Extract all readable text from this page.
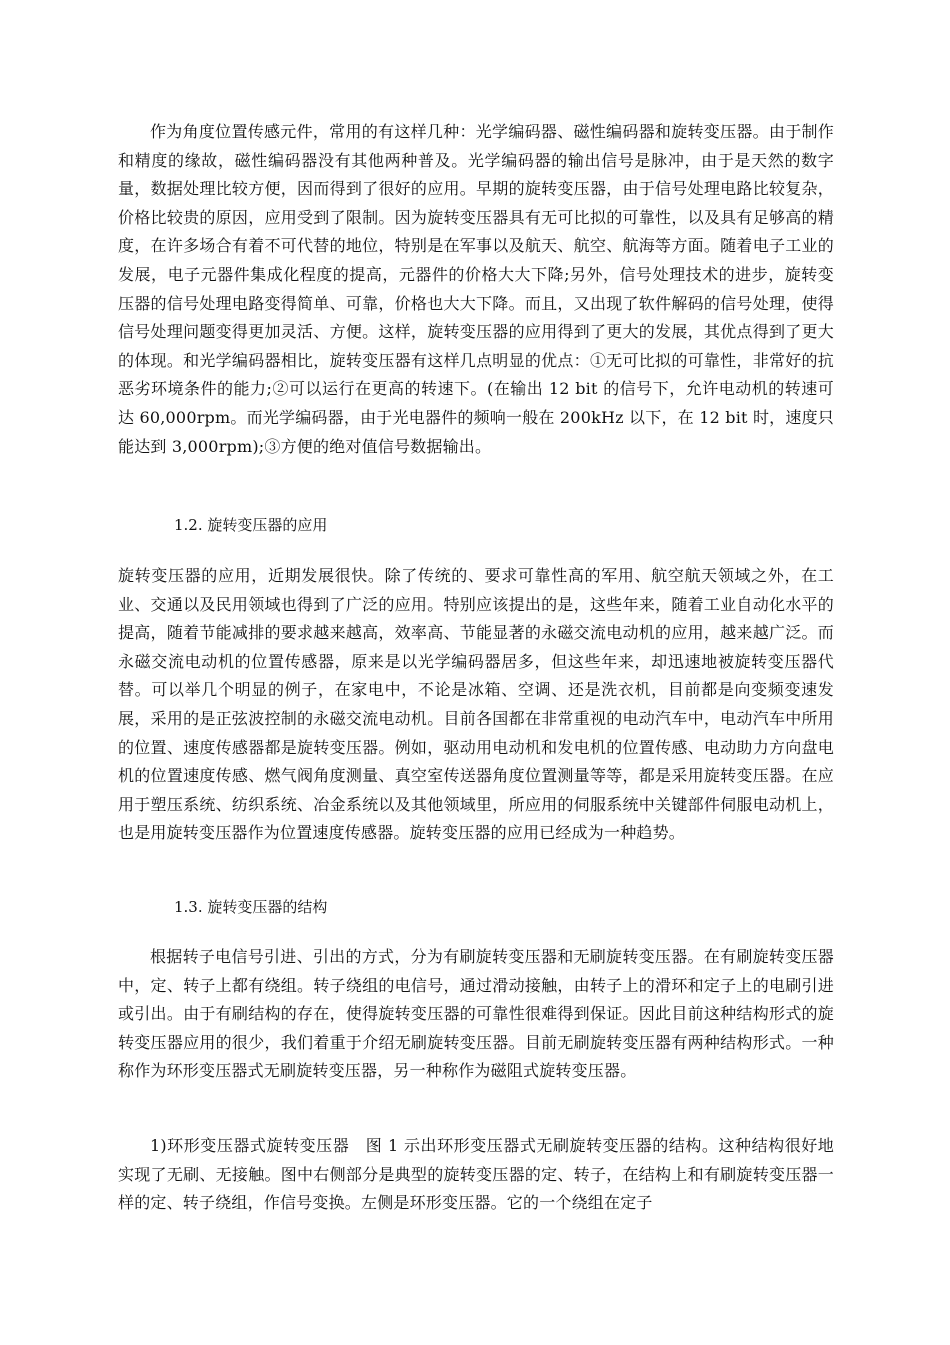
作为角度位置传感元件，常用的有这样几种：光学编码器、磁性编码器和旋转变压器。由于制作和精度的缘故，磁性编码器没有其他两种普及。光学编码器的输出信号是脉冲，由于是天然的数字量，数据处理比较方便，因而得到了很好的应用。早期的旋转变压器，由于信号处理电路比较复杂，价格比较贵的原因，应用受到了限制。因为旋转变压器具有无可比拟的可靠性，以及具有足够高的精度，在许多场合有着不可代替的地位，特别是在军事以及航天、航空、航海等方面。随着电子工业的发展，电子元器件集成化程度的提高，元器件的价格大大下降;另外，信号处理技术的进步，旋转变压器的信号处理电路变得简单、可靠，价格也大大下降。而且，又出现了软件解码的信号处理，使得信号处理问题变得更加灵活、方便。这样，旋转变压器的应用得到了更大的发展，其优点得到了更大的体现。和光学编码器相比，旋转变压器有这样几点明显的优点：①无可比拟的可靠性，非常好的抗恶劣环境条件的能力;②可以运行在更高的转速下。(在输出 12 bit 的信号下，允许电动机的转速可达 60,000rpm。而光学编码器，由于光电器件的频响一般在 200kHz 以下，在 12 bit 时，速度只能达到 3,000rpm);③方便的绝对值信号数据输出。

1.2. 旋转变压器的应用

旋转变压器的应用，近期发展很快。除了传统的、要求可靠性高的军用、航空航天领域之外，在工业、交通以及民用领域也得到了广泛的应用。特别应该提出的是，这些年来，随着工业自动化水平的提高，随着节能减排的要求越来越高，效率高、节能显著的永磁交流电动机的应用，越来越广泛。而永磁交流电动机的位置传感器，原来是以光学编码器居多，但这些年来，却迅速地被旋转变压器代替。可以举几个明显的例子，在家电中，不论是冰箱、空调、还是洗衣机，目前都是向变频变速发展，采用的是正弦波控制的永磁交流电动机。目前各国都在非常重视的电动汽车中，电动汽车中所用的位置、速度传感器都是旋转变压器。例如，驱动用电动机和发电机的位置传感、电动助力方向盘电机的位置速度传感、燃气阀角度测量、真空室传送器角度位置测量等等，都是采用旋转变压器。在应用于塑压系统、纺织系统、冶金系统以及其他领域里，所应用的伺服系统中关键部件伺服电动机上，也是用旋转变压器作为位置速度传感器。旋转变压器的应用已经成为一种趋势。

1.3. 旋转变压器的结构

根据转子电信号引进、引出的方式，分为有刷旋转变压器和无刷旋转变压器。在有刷旋转变压器中，定、转子上都有绕组。转子绕组的电信号，通过滑动接触，由转子上的滑环和定子上的电刷引进或引出。由于有刷结构的存在，使得旋转变压器的可靠性很难得到保证。因此目前这种结构形式的旋转变压器应用的很少，我们着重于介绍无刷旋转变压器。目前无刷旋转变压器有两种结构形式。一种称作为环形变压器式无刷旋转变压器，另一种称作为磁阻式旋转变压器。

1)环形变压器式旋转变压器　图 1 示出环形变压器式无刷旋转变压器的结构。这种结构很好地实现了无刷、无接触。图中右侧部分是典型的旋转变压器的定、转子，在结构上和有刷旋转变压器一样的定、转子绕组，作信号变换。左侧是环形变压器。它的一个绕组在定子
